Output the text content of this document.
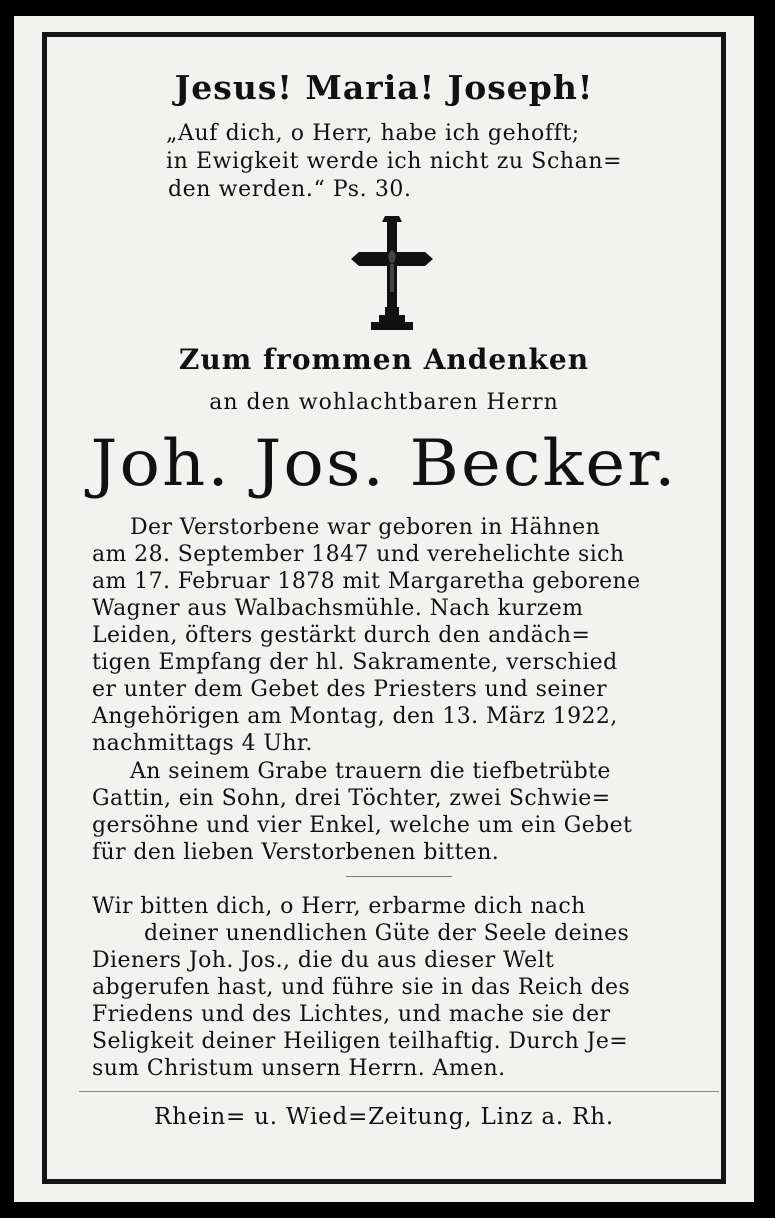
Jesus! Maria! Joseph!
„Auf dich, o Herr, habe ich gehofft;
in Ewigkeit werde ich nicht zu Schan=
den werden.“ Ps. 30.
Zum frommen Andenken
an den wohlachtbaren Herrn
Joh. Jos. Becker.
Der Verstorbene war geboren in Hähnen
am 28. September 1847 und verehelichte sich
am 17. Februar 1878 mit Margaretha geborene
Wagner aus Walbachsmühle. Nach kurzem
Leiden, öfters gestärkt durch den andäch=
tigen Empfang der hl. Sakramente, verschied
er unter dem Gebet des Priesters und seiner
Angehörigen am Montag, den 13. März 1922,
nachmittags 4 Uhr.
An seinem Grabe trauern die tiefbetrübte
Gattin, ein Sohn, drei Töchter, zwei Schwie=
gersöhne und vier Enkel, welche um ein Gebet
für den lieben Verstorbenen bitten.
Wir bitten dich, o Herr, erbarme dich nach
deiner unendlichen Güte der Seele deines
Dieners Joh. Jos., die du aus dieser Welt
abgerufen hast, und führe sie in das Reich des
Friedens und des Lichtes, und mache sie der
Seligkeit deiner Heiligen teilhaftig. Durch Je=
sum Christum unsern Herrn. Amen.
Rhein= u. Wied=Zeitung, Linz a. Rh.
